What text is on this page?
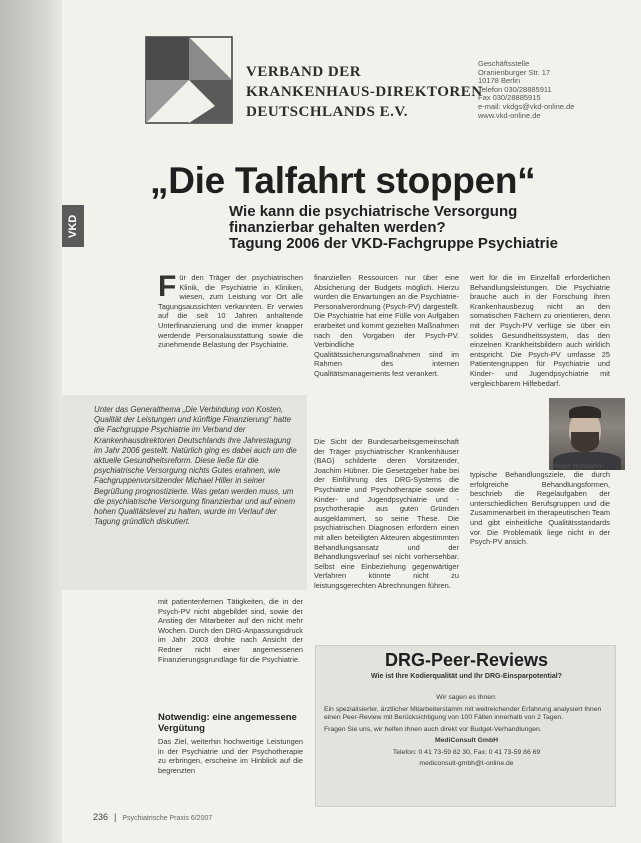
VERBAND DER
KRANKENHAUS-DIREKTOREN
DEUTSCHLANDS E.V.
Geschäftsstelle
Oranienburger Str. 17
10178 Berlin
Telefon 030/28885911
Fax 030/28885915
e-mail: vkdgs@vkd-online.de
www.vkd-online.de
VKD
„Die Talfahrt stoppen“
Wie kann die psychiatrische Versorgung
finanzierbar gehalten werden?
Tagung 2006 der VKD-Fachgruppe Psychiatrie
Für den Träger der psychiatrischen Klinik, die Psychiatrie in Kliniken, wiesen, zum Leistung vor Ort alle Tagungsaussichten verkannten. Er verwies auf die seit 10 Jahren anhaltende Unterfinanzierung und die immer knapper werdende Personalausstattung sowie die zunehmende Belastung der Psychiatrie.

Unter das Generalthema „Die Verbindung von Kosten, Qualität der Leistungen und künftige Finanzierung“ hatte die Fachgruppe Psychiatrie im Verband der Krankenhausdirektoren Deutschlands ihre Jahrestagung im Jahr 2006 gestellt. Natürlich ging es dabei auch um die aktuelle Gesundheitsreform. Diese ließe für die psychiatrische Versorgung nichts Gutes erahnen, wie Fachgruppenvorsitzender Michael Hiller in seiner Begrüßung prognostizierte. Was getan werden muss, um die psychiatrische Versorgung finanzierbar und auf einem hohen Qualitätslevel zu halten, wurde im Verlauf der Tagung gründlich diskutiert.

mit patientenfernen Tätigkeiten, die in der Psych-PV nicht abgebildet sind, sowie der Anstieg der Mitarbeiter auf den nicht mehr Wochen. Durch den DRG-Anpassungsdruck im Jahr 2003 drohte nach Ansicht der Redner nicht einer angemessenen Finanzierungsgrundlage für die Psychiatrie.
Notwendig: eine angemessene Vergütung
Das Ziel, weiterhin hochwertige Leistungen in der Psychiatrie und der Psychotherapie zu erbringen, erscheine im Hinblick auf die begrenzten
finanziellen Ressourcen nur über eine Absicherung der Budgets möglich. Hierzu wurden die Erwartungen an die Psychiatrie-Personalverordnung (Psych-PV) dargestellt. Die Psychiatrie hat eine Fülle von Aufgaben erarbeitet und kommt gezielten Maßnahmen nach den Vorgaben der Psych-PV. Verbindliche Qualitätssicherungsmaßnahmen sind im Rahmen des internen Qualitätsmanagements fest verankert.
Die Sicht der Bundesarbeitsgemeinschaft der Träger psychiatrischer Krankenhäuser (BAG) schilderte deren Vorsitzender, Joachim Hübner. Die Gesetzgeber habe bei der Einführung des DRG-Systems die Psychiatrie und Psychotherapie sowie die Kinder- und Jugendpsychiatrie und -psychotherapie aus guten Gründen ausgeklammert, so seine These. Die psychiatrischen Diagnosen erfordern einen mit allen beteiligten Akteuren abgestimmten Behandlungsansatz und der Behandlungsverlauf sei nicht vorhersehbar. Selbst eine Einbeziehung gegenwärtiger Verfahren könnte nicht zu leistungsgerechten Abrechnungen führen.
wert für die im Einzelfall erforderlichen Behandlungsleistungen. Die Psychiatrie brauche auch in der Forschung ihren Krankenhausbezug nicht an den somatischen Fächern zu orientieren, denn mit der Psych-PV verfüge sie über ein solides Gesundheitssystem, das den einzelnen Krankheitsbildern auch wirklich entspricht. Die Psych-PV umfasse 25 Patientengruppen für Psychiatrie und Kinder- und Jugendpsychiatrie mit vergleichbarem Hilfebedarf.
Holger Höhmann
typische Behandlungsziele, die durch erfolgreiche Behandlungsformen, beschrieb die Regelaufgaben der unterschiedlichen Berufsgruppen und die Zusammenarbeit im therapeutischen Team und gibt einheitliche Qualitätsstandards vor. Die Problematik liege nicht in der Psych-PV ansich.
DRG-Peer-Reviews
Wie ist Ihre Kodierqualität und Ihr DRG-Einsparpotential?

Wir sagen es Ihnen:

Ein spezialisierter, ärztlicher Mitarbeiterstamm mit weitreichender Erfahrung analysiert Ihnen einen Peer-Review mit Berücksichtigung von 100 Fällen innerhalb von 2 Tagen.

Fragen Sie uns, wir helfen Ihnen auch direkt vor Budget-Verhandlungen.

MediConsult GmbH

Telefon: 0 41 73-59 82 30, Fax: 0 41 73-59 86 69

mediconsult-gmbh@t-online.de

236 | Psychiatrische Praxis 6/2007
